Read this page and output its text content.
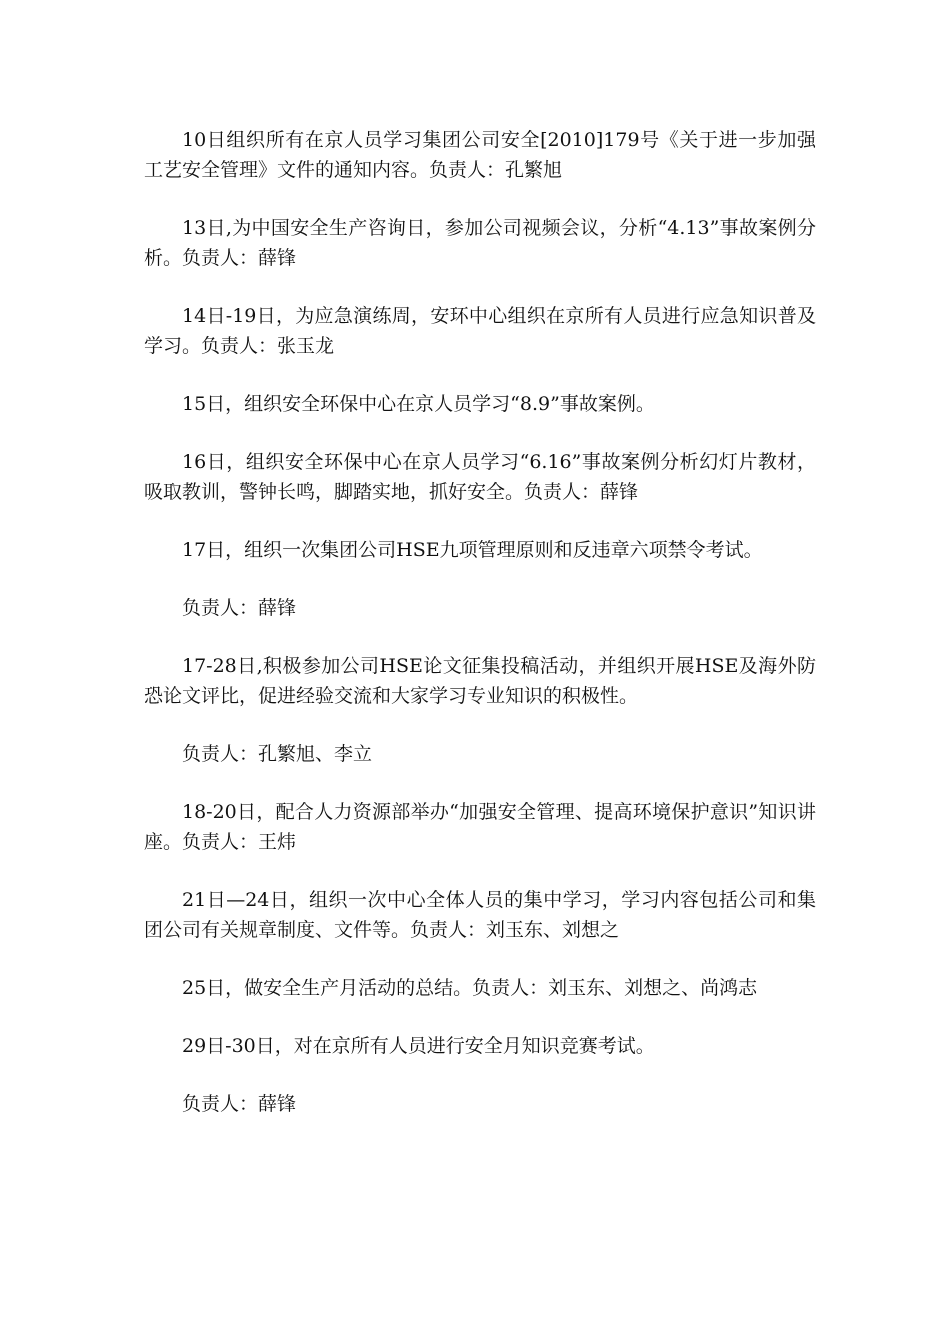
10日组织所有在京人员学习集团公司安全[2010]179号《关于进一步加强工艺安全管理》文件的通知内容。负责人：孔繁旭

13日,为中国安全生产咨询日，参加公司视频会议，分析“4.13”事故案例分析。负责人：薛锋

14日-19日，为应急演练周，安环中心组织在京所有人员进行应急知识普及学习。负责人：张玉龙

15日，组织安全环保中心在京人员学习“8.9”事故案例。

16日，组织安全环保中心在京人员学习“6.16”事故案例分析幻灯片教材，吸取教训，警钟长鸣，脚踏实地，抓好安全。负责人：薛锋

17日，组织一次集团公司HSE九项管理原则和反违章六项禁令考试。

负责人：薛锋

17-28日,积极参加公司HSE论文征集投稿活动，并组织开展HSE及海外防恐论文评比，促进经验交流和大家学习专业知识的积极性。

负责人：孔繁旭、李立

18-20日，配合人力资源部举办“加强安全管理、提高环境保护意识”知识讲座。负责人：王炜

21日—24日，组织一次中心全体人员的集中学习，学习内容包括公司和集团公司有关规章制度、文件等。负责人：刘玉东、刘想之

25日，做安全生产月活动的总结。负责人：刘玉东、刘想之、尚鸿志

29日-30日，对在京所有人员进行安全月知识竞赛考试。

负责人：薛锋
